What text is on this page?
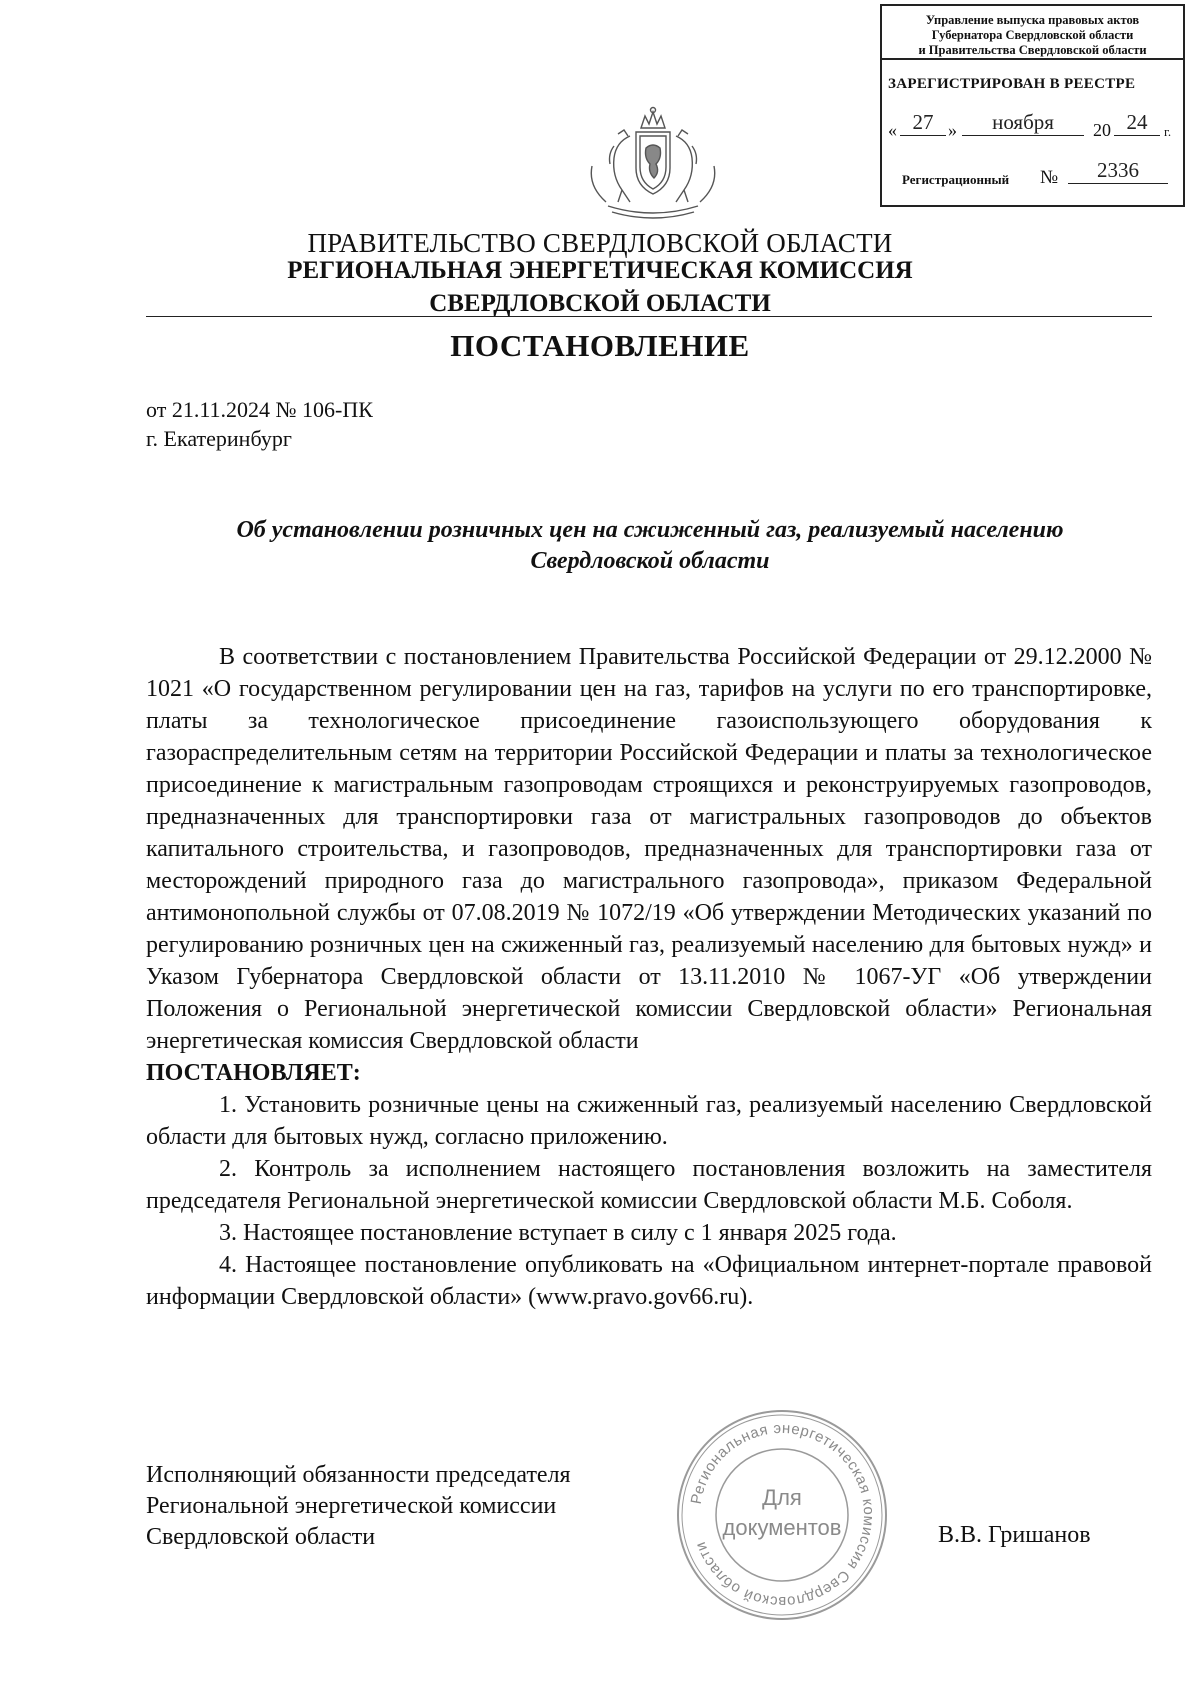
Управление выпуска правовых актов
Губернатора Свердловской области
и Правительства Свердловской области
ЗАРЕГИСТРИРОВАН В РЕЕСТРЕ
« 27 »	ноября	20 24	г.
Регистрационный №	2336
ПРАВИТЕЛЬСТВО СВЕРДЛОВСКОЙ ОБЛАСТИ
РЕГИОНАЛЬНАЯ ЭНЕРГЕТИЧЕСКАЯ КОМИССИЯ
СВЕРДЛОВСКОЙ ОБЛАСТИ
ПОСТАНОВЛЕНИЕ
от 21.11.2024 № 106-ПК
г. Екатеринбург
Об установлении розничных цен на сжиженный газ, реализуемый населению
Свердловской области
В соответствии с постановлением Правительства Российской Федерации от 29.12.2000 № 1021 «О государственном регулировании цен на газ, тарифов на услуги по его транспортировке, платы за технологическое присоединение газоиспользующего оборудования к газораспределительным сетям на территории Российской Федерации и платы за технологическое присоединение к магистральным газопроводам строящихся и реконструируемых газопроводов, предназначенных для транспортировки газа от магистральных газопроводов до объектов капитального строительства, и газопроводов, предназначенных для транспортировки газа от месторождений природного газа до магистрального газопровода», приказом Федеральной антимонопольной службы от 07.08.2019 № 1072/19 «Об утверждении Методических указаний по регулированию розничных цен на сжиженный газ, реализуемый населению для бытовых нужд» и Указом Губернатора Свердловской области от 13.11.2010 № 1067-УГ «Об утверждении Положения о Региональной энергетической комиссии Свердловской области» Региональная энергетическая комиссия Свердловской области
ПОСТАНОВЛЯЕТ:
1. Установить розничные цены на сжиженный газ, реализуемый населению Свердловской области для бытовых нужд, согласно приложению.
2. Контроль за исполнением настоящего постановления возложить на заместителя председателя Региональной энергетической комиссии Свердловской области М.Б. Соболя.
3. Настоящее постановление вступает в силу с 1 января 2025 года.
4. Настоящее постановление опубликовать на «Официальном интернет-портале правовой информации Свердловской области» (www.pravo.gov66.ru).
Исполняющий обязанности председателя
Региональной энергетической комиссии
Свердловской области	В.В. Гришанов
Региональная энергетическая комиссия Свердловской области
Для
документов
